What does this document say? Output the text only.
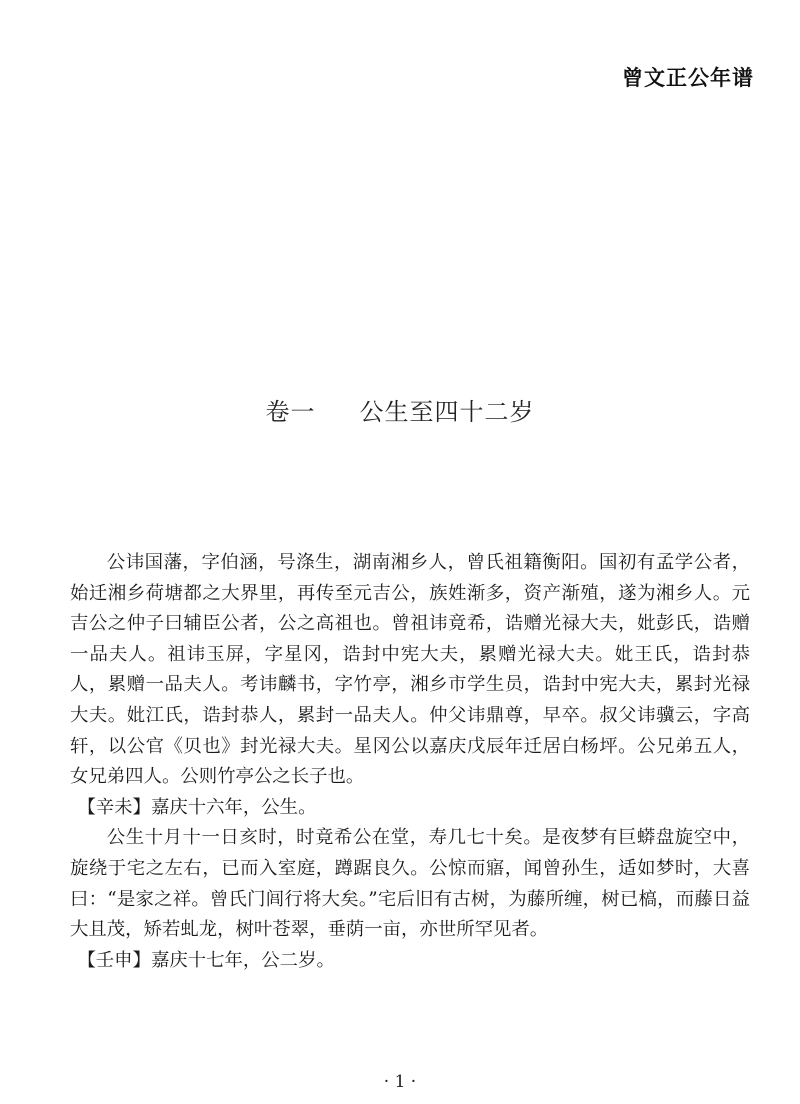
曾文正公年谱
卷一 公生至四十二岁

公讳国藩，字伯涵，号涤生，湖南湘乡人，曾氏祖籍衡阳。国初有孟学公者，始迁湘乡荷塘都之大界里，再传至元吉公，族姓渐多，资产渐殖，遂为湘乡人。元吉公之仲子曰辅臣公者，公之高祖也。曾祖讳竟希，诰赠光禄大夫，妣彭氏，诰赠一品夫人。祖讳玉屏，字星冈，诰封中宪大夫，累赠光禄大夫。妣王氏，诰封恭人，累赠一品夫人。考讳麟书，字竹亭，湘乡市学生员，诰封中宪大夫，累封光禄大夫。妣江氏，诰封恭人，累封一品夫人。仲父讳鼎尊，早卒。叔父讳骥云，字高轩，以公官《贝也》封光禄大夫。星冈公以嘉庆戊辰年迁居白杨坪。公兄弟五人，女兄弟四人。公则竹亭公之长子也。

【辛未】嘉庆十六年，公生。

公生十月十一日亥时，时竟希公在堂，寿几七十矣。是夜梦有巨蟒盘旋空中，旋绕于宅之左右，已而入室庭，蹲踞良久。公惊而寤，闻曾孙生，适如梦时，大喜曰：“是家之祥。曾氏门闾行将大矣。”宅后旧有古树，为藤所缠，树已槁，而藤日益大且茂，矫若虬龙，树叶苍翠，垂荫一亩，亦世所罕见者。

【壬申】嘉庆十七年，公二岁。

· 1 ·
